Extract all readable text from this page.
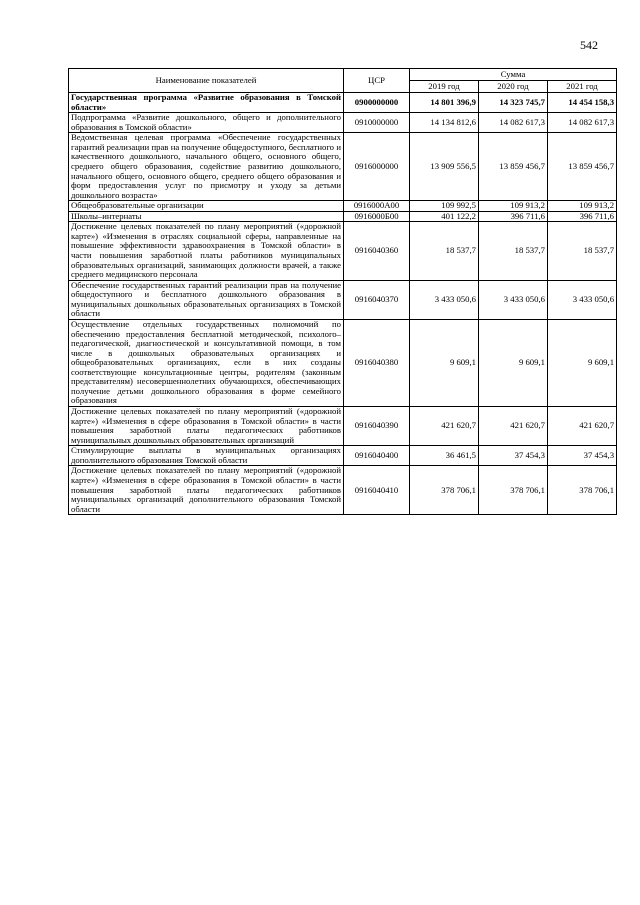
542
Наименование показателей	ЦСР	Сумма		
		2019 год	2020 год	2021 год
Государственная программа «Развитие образования в Томской области»	0900000000	14 801 396,9	14 323 745,7	14 454 158,3
Подпрограмма «Развитие дошкольного, общего и дополнительного образования в Томской области»	0910000000	14 134 812,6	14 082 617,3	14 082 617,3
Ведомственная целевая программа «Обеспечение государственных гарантий реализации прав на получение общедоступного, бесплатного и качественного дошкольного, начального общего, основного общего, среднего общего образования, содействие развитию дошкольного, начального общего, основного общего, среднего общего образования и форм предоставления услуг по присмотру и уходу за детьми дошкольного возраста»	0916000000	13 909 556,5	13 859 456,7	13 859 456,7
Общеобразовательные организации	0916000А00	109 992,5	109 913,2	109 913,2
Школы–интернаты	0916000Б00	401 122,2	396 711,6	396 711,6
Достижение целевых показателей по плану мероприятий («дорожной карте») «Изменения в отраслях социальной сферы, направленные на повышение эффективности здравоохранения в Томской области» в части повышения заработной платы работников муниципальных образовательных организаций, занимающих должности врачей, а также среднего медицинского персонала	0916040360	18 537,7	18 537,7	18 537,7
Обеспечение государственных гарантий реализации прав на получение общедоступного и бесплатного дошкольного образования в муниципальных дошкольных образовательных организациях в Томской области	0916040370	3 433 050,6	3 433 050,6	3 433 050,6
Осуществление отдельных государственных полномочий по обеспечению предоставления бесплатной методической, психолого–педагогической, диагностической и консультативной помощи, в том числе в дошкольных образовательных организациях и общеобразовательных организациях, если в них созданы соответствующие консультационные центры, родителям (законным представителям) несовершеннолетних обучающихся, обеспечивающих получение детьми дошкольного образования в форме семейного образования	0916040380	9 609,1	9 609,1	9 609,1
Достижение целевых показателей по плану мероприятий («дорожной карте») «Изменения в сфере образования в Томской области» в части повышения заработной платы педагогических работников муниципальных дошкольных образовательных организаций	0916040390	421 620,7	421 620,7	421 620,7
Стимулирующие выплаты в муниципальных организациях дополнительного образования Томской области	0916040400	36 461,5	37 454,3	37 454,3
Достижение целевых показателей по плану мероприятий («дорожной карте») «Изменения в сфере образования в Томской области» в части повышения заработной платы педагогических работников муниципальных организаций дополнительного образования Томской области	0916040410	378 706,1	378 706,1	378 706,1
